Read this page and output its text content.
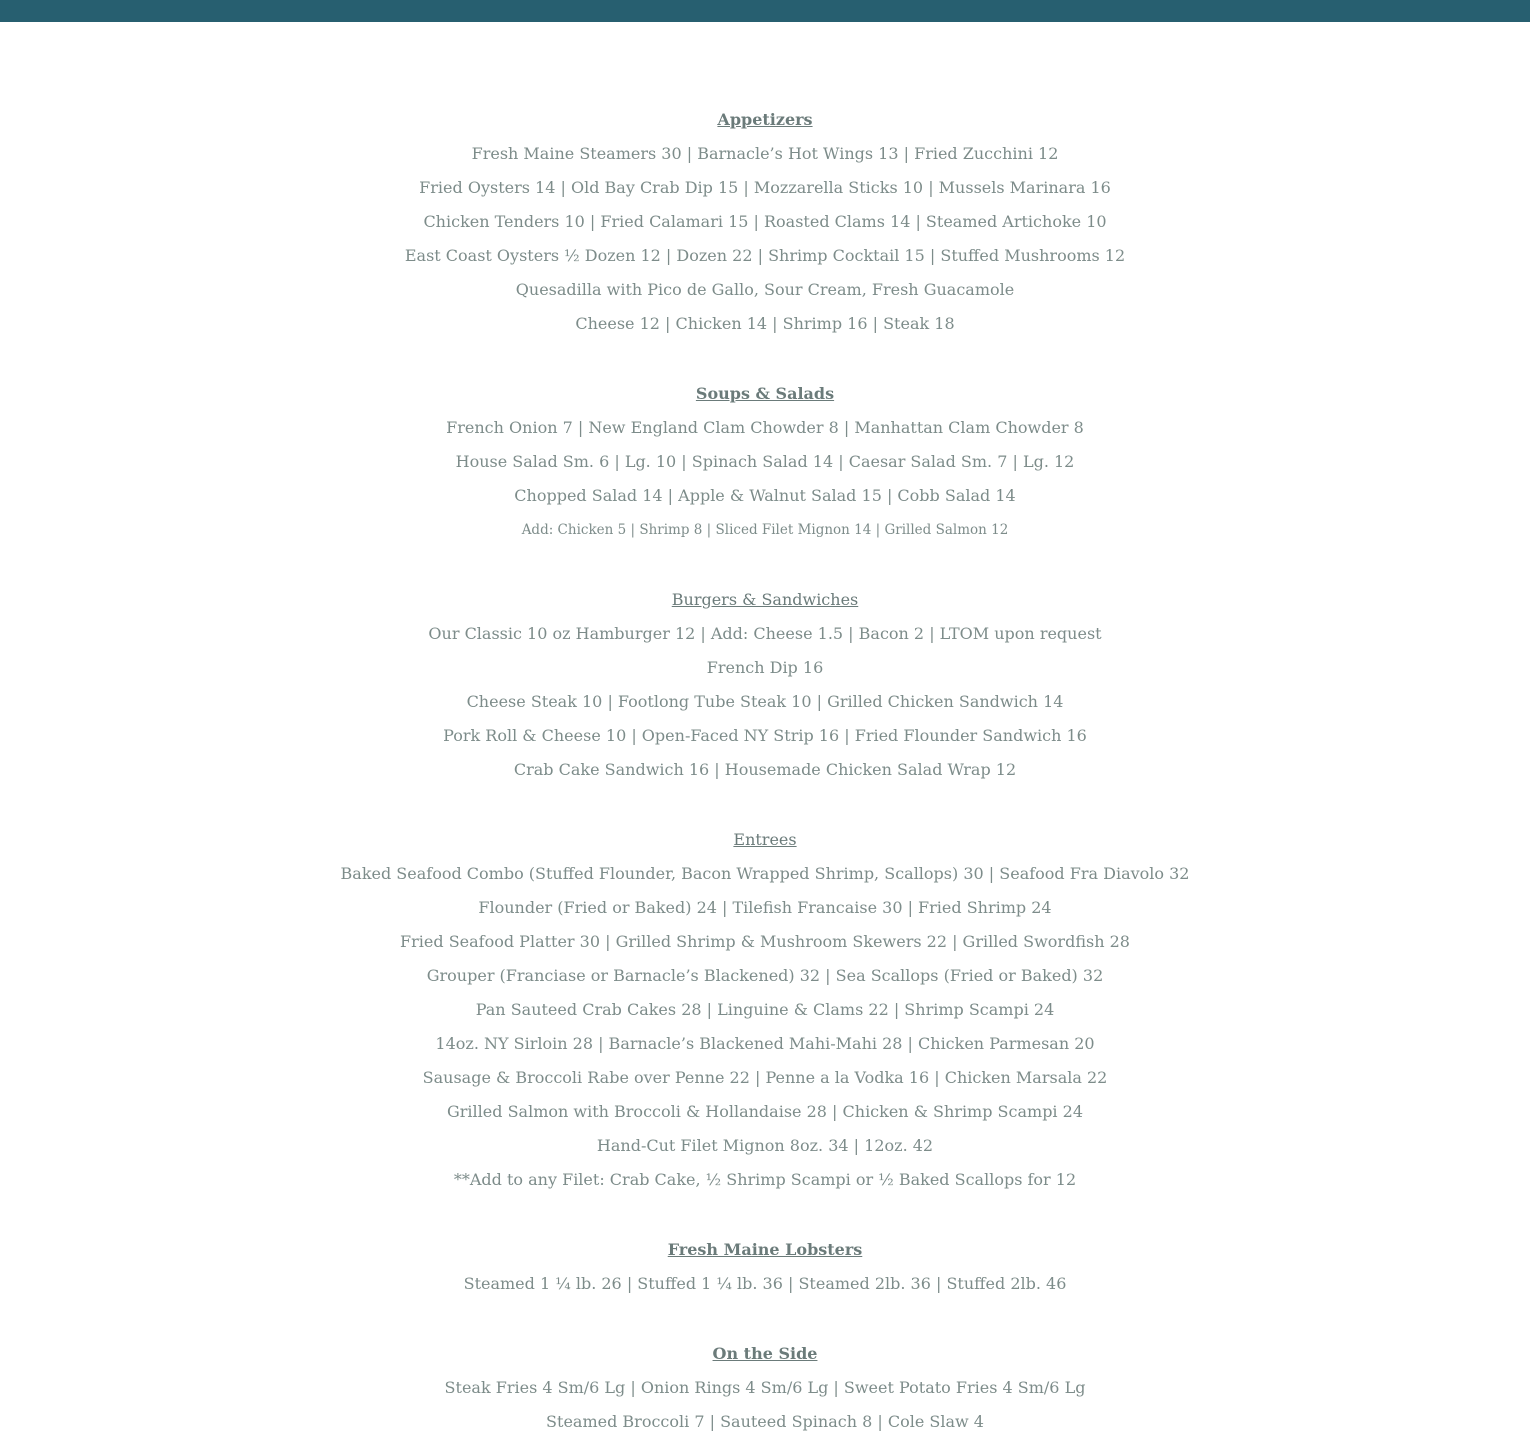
Appetizers
Fresh Maine Steamers 30 | Barnacle’s Hot Wings 13 | Fried Zucchini 12
Fried Oysters 14 | Old Bay Crab Dip 15 | Mozzarella Sticks 10 | Mussels Marinara 16
Chicken Tenders 10 | Fried Calamari 15 | Roasted Clams 14 | Steamed Artichoke 10
East Coast Oysters ½ Dozen 12 | Dozen 22 | Shrimp Cocktail 15 | Stuffed Mushrooms 12
Quesadilla with Pico de Gallo, Sour Cream, Fresh Guacamole
Cheese 12 | Chicken 14 | Shrimp 16 | Steak 18
Soups & Salads
French Onion 7 | New England Clam Chowder 8 | Manhattan Clam Chowder 8
House Salad Sm. 6 | Lg. 10 | Spinach Salad 14 | Caesar Salad Sm. 7 | Lg. 12
Chopped Salad 14 | Apple & Walnut Salad 15 | Cobb Salad 14
Add: Chicken 5 | Shrimp 8 | Sliced Filet Mignon 14 | Grilled Salmon 12
Burgers & Sandwiches
Our Classic 10 oz Hamburger 12 | Add: Cheese 1.5 | Bacon 2 | LTOM upon request
French Dip 16
Cheese Steak 10 | Footlong Tube Steak 10 | Grilled Chicken Sandwich 14
Pork Roll & Cheese 10 | Open-Faced NY Strip 16 | Fried Flounder Sandwich 16
Crab Cake Sandwich 16 | Housemade Chicken Salad Wrap 12
Entrees
Baked Seafood Combo (Stuffed Flounder, Bacon Wrapped Shrimp, Scallops) 30 | Seafood Fra Diavolo 32
Flounder (Fried or Baked) 24 | Tilefish Francaise 30 | Fried Shrimp 24
Fried Seafood Platter 30 | Grilled Shrimp & Mushroom Skewers 22 | Grilled Swordfish 28
Grouper (Franciase or Barnacle’s Blackened) 32 | Sea Scallops (Fried or Baked) 32
Pan Sauteed Crab Cakes 28 | Linguine & Clams 22 | Shrimp Scampi 24
14oz. NY Sirloin 28 | Barnacle’s Blackened Mahi-Mahi 28 | Chicken Parmesan 20
Sausage & Broccoli Rabe over Penne 22 | Penne a la Vodka 16 | Chicken Marsala 22
Grilled Salmon with Broccoli & Hollandaise 28 | Chicken & Shrimp Scampi 24
Hand-Cut Filet Mignon 8oz. 34 | 12oz. 42
**Add to any Filet: Crab Cake, ½ Shrimp Scampi or ½ Baked Scallops for 12
Fresh Maine Lobsters
Steamed 1 ¼ lb. 26 | Stuffed 1 ¼ lb. 36 | Steamed 2lb. 36 | Stuffed 2lb. 46
On the Side
Steak Fries 4 Sm/6 Lg | Onion Rings 4 Sm/6 Lg | Sweet Potato Fries 4 Sm/6 Lg
Steamed Broccoli 7 | Sauteed Spinach 8 | Cole Slaw 4
